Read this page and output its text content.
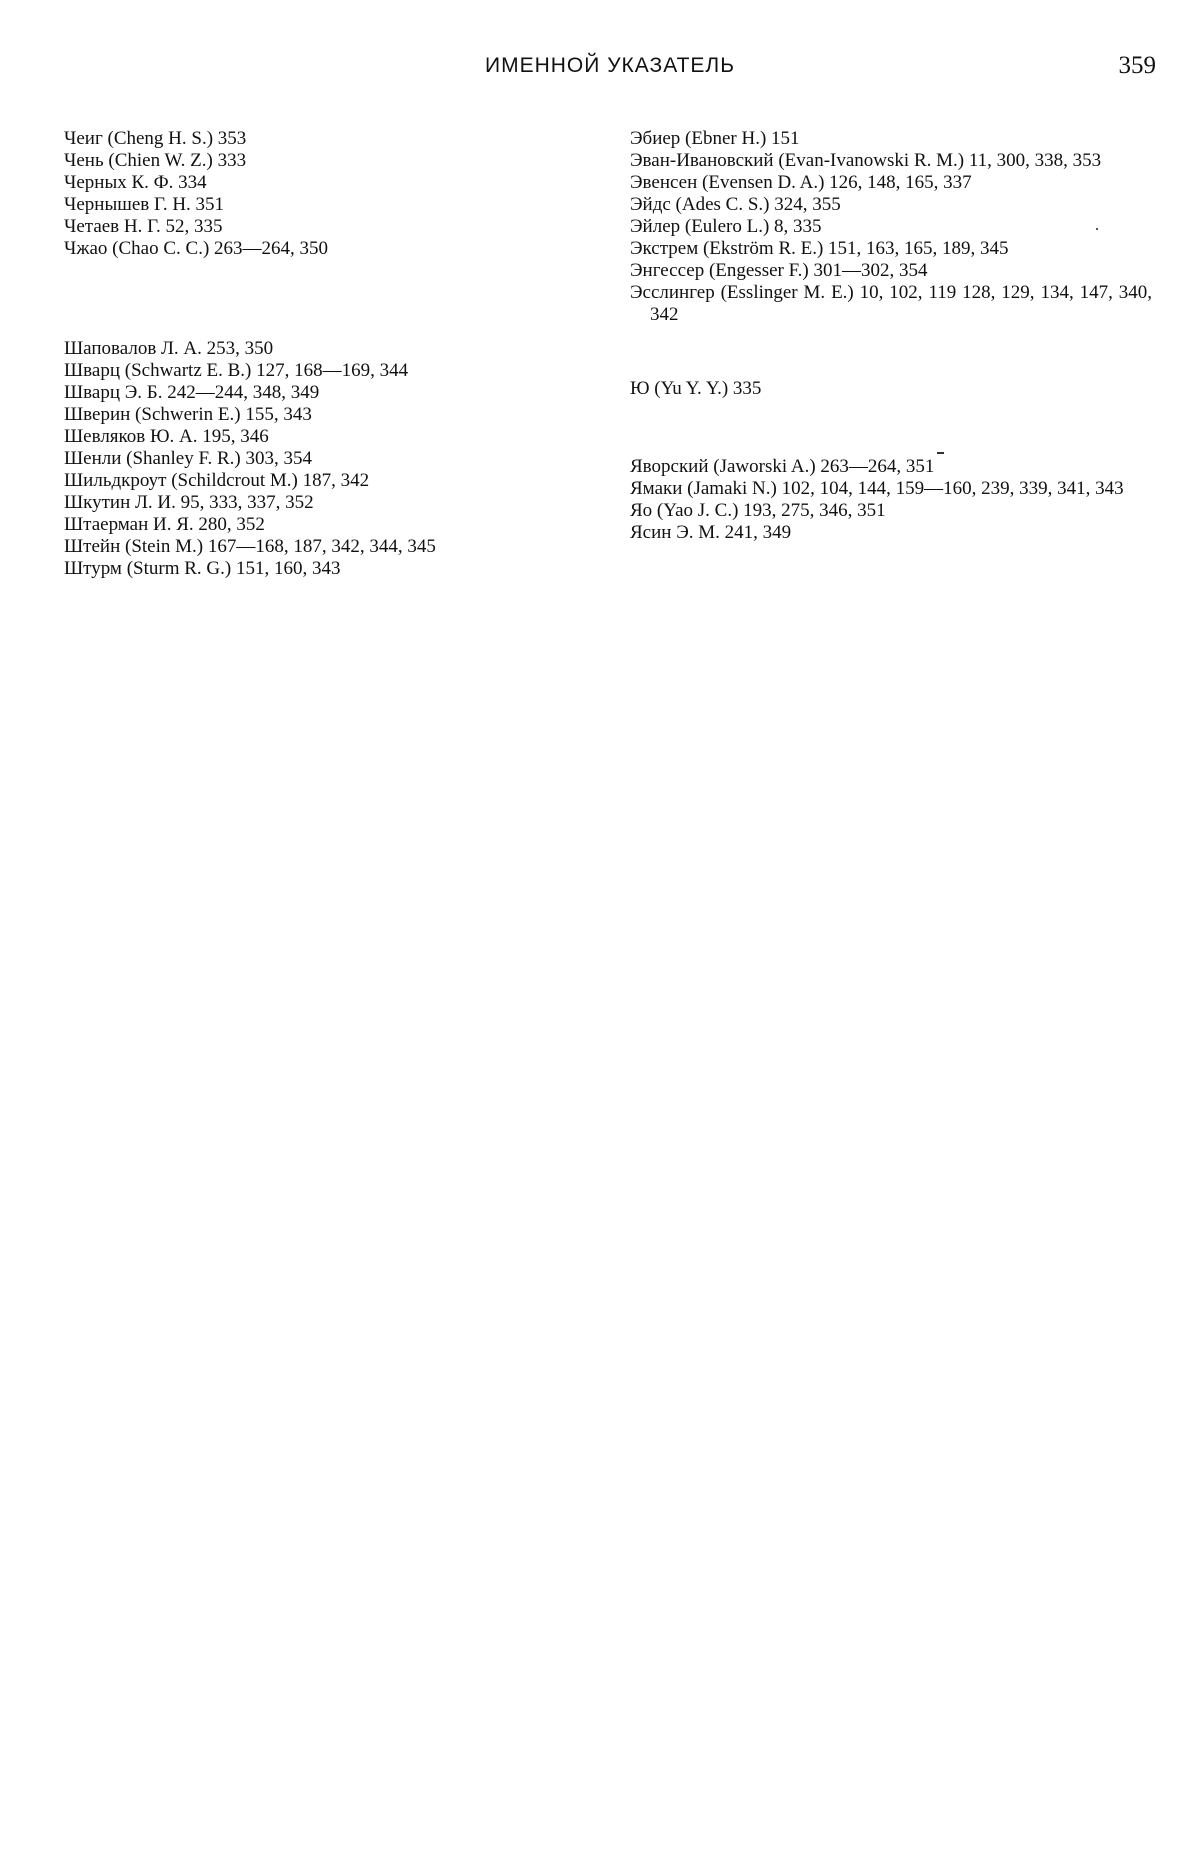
ИМЕННОЙ УКАЗАТЕЛЬ	359
Чеиг (Cheng H. S.) 353
Чень (Chien W. Z.) 333
Черных К. Ф. 334
Чернышев Г. Н. 351
Четаев Н. Г. 52, 335
Чжао (Chao C. C.) 263—264, 350
Шаповалов Л. А. 253, 350
Шварц (Schwartz E. B.) 127, 168—169, 344
Шварц Э. Б. 242—244, 348, 349
Шверин (Schwerin E.) 155, 343
Шевляков Ю. А. 195, 346
Шенли (Shanley F. R.) 303, 354
Шильдкроут (Schildcrout M.) 187, 342
Шкутин Л. И. 95, 333, 337, 352
Штаерман И. Я. 280, 352
Штейн (Stein M.) 167—168, 187, 342, 344, 345
Штурм (Sturm R. G.) 151, 160, 343
Эбиер (Ebner H.) 151
Эван-Ивановский (Evan-Ivanowski R. M.) 11, 300, 338, 353
Эвенсен (Evensen D. A.) 126, 148, 165, 337
Эйдс (Ades C. S.) 324, 355
Эйлер (Eulero L.) 8, 335
Экстрем (Ekström R. E.) 151, 163, 165, 189, 345
Энгессер (Engesser F.) 301—302, 354
Эсслингер (Esslinger M. E.) 10, 102, 119 128, 129, 134, 147, 340, 342
Ю (Yu Y. Y.) 335
Яворский (Jaworski A.) 263—264, 351
Ямаки (Jamaki N.) 102, 104, 144, 159—160, 239, 339, 341, 343
Яо (Yao J. C.) 193, 275, 346, 351
Ясин Э. М. 241, 349
